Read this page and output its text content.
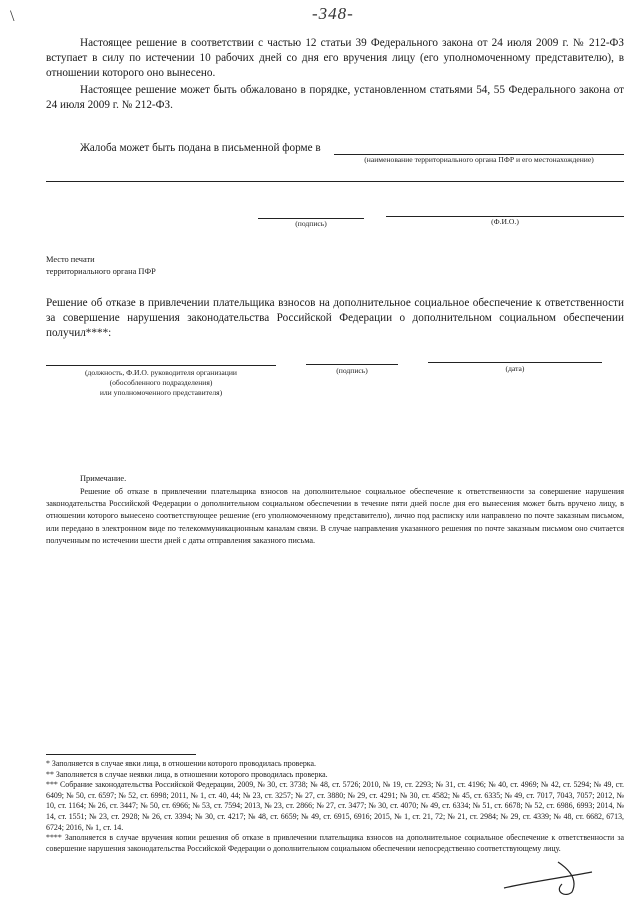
\	-348-

Настоящее решение в соответствии с частью 12 статьи 39 Федерального закона от 24 июля 2009 г. № 212-ФЗ вступает в силу по истечении 10 рабочих дней со дня его вручения лицу (его уполномоченному представителю), в отношении которого оно вынесено.

Настоящее решение может быть обжаловано в порядке, установленном статьями 54, 55 Федерального закона от 24 июля 2009 г. № 212-ФЗ.

Жалоба может быть подана в письменной форме в
(наименование территориального органа ПФР и его местонахождение)
(подпись)	(Ф.И.О.)
Место печати
территориального органа ПФР

Решение об отказе в привлечении плательщика взносов на дополнительное социальное обеспечение к ответственности за совершение нарушения законодательства Российской Федерации о дополнительном социальном обеспечении получил****:

(должность, Ф.И.О. руководителя организации
(обособленного подразделения)
или уполномоченного представителя)
(подпись)	(дата)
Примечание.

Решение об отказе в привлечении плательщика взносов на дополнительное социальное обеспечение к ответственности за совершение нарушения законодательства Российской Федерации о дополнительном социальном обеспечении в течение пяти дней после дня его вынесения может быть вручено лицу, в отношении которого вынесено соответствующее решение (его уполномоченному представителю), лично под расписку или направлено по почте заказным письмом, или передано в электронном виде по телекоммуникационным каналам связи. В случае направления указанного решения по почте заказным письмом оно считается полученным по истечении шести дней с даты отправления заказного письма.

* Заполняется в случае явки лица, в отношении которого проводилась проверка.

** Заполняется в случае неявки лица, в отношении которого проводилась проверка.

*** Собрание законодательства Российской Федерации, 2009, № 30, ст. 3738; № 48, ст. 5726; 2010, № 19, ст. 2293; № 31, ст. 4196; № 40, ст. 4969; № 42, ст. 5294; № 49, ст. 6409; № 50, ст. 6597; № 52, ст. 6998; 2011, № 1, ст. 40, 44; № 23, ст. 3257; № 27, ст. 3880; № 29, ст. 4291; № 30, ст. 4582; № 45, ст. 6335; № 49, ст. 7017, 7043, 7057; 2012, № 10, ст. 1164; № 26, ст. 3447; № 50, ст. 6966; № 53, ст. 7594; 2013, № 23, ст. 2866; № 27, ст. 3477; № 30, ст. 4070; № 49, ст. 6334; № 51, ст. 6678; № 52, ст. 6986, 6993; 2014, № 14, ст. 1551; № 23, ст. 2928; № 26, ст. 3394; № 30, ст. 4217; № 48, ст. 6659; № 49, ст. 6915, 6916; 2015, № 1, ст. 21, 72; № 21, ст. 2984; № 29, ст. 4339; № 48, ст. 6682, 6713, 6724; 2016, № 1, ст. 14.

**** Заполняется в случае вручения копии решения об отказе в привлечении плательщика взносов на дополнительное социальное обеспечение к ответственности за совершение нарушения законодательства Российской Федерации о дополнительном социальном обеспечении непосредственно соответствующему лицу.
